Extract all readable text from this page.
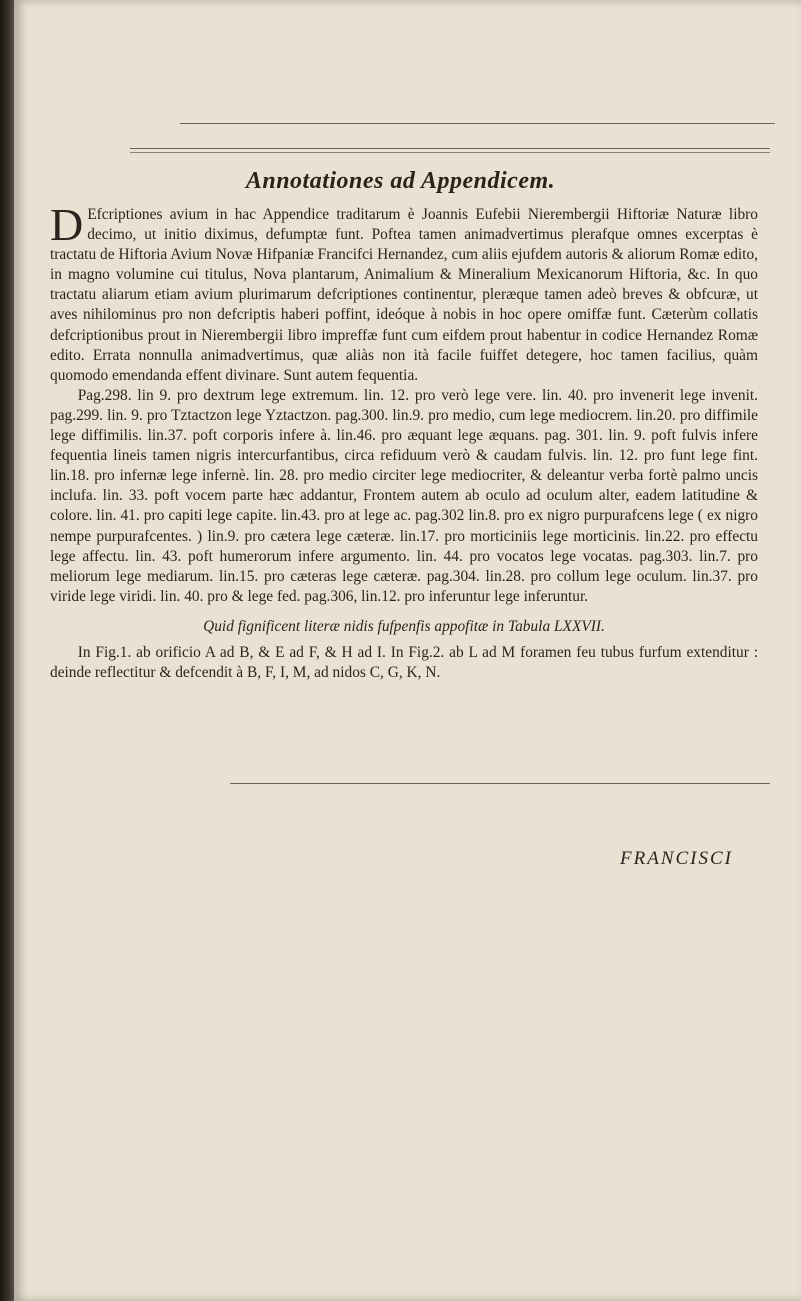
Annotationes ad Appendicem.

D Efcriptiones avium in hac Appendice traditarum è Joannis Eufebii Nierembergii Hiftoriæ Naturæ libro decimo, ut initio diximus, defumptæ funt. Poftea tamen animadvertimus plerafque omnes excerptas è tractatu de Hiftoria Avium Novæ Hifpaniæ Francifci Hernandez, cum aliis ejufdem autoris & aliorum Romæ edito, in magno volumine cui titulus, Nova plantarum, Animalium & Mineralium Mexicanorum Hiftoria, &c. In quo tractatu aliarum etiam avium plurimarum defcriptiones continentur, pleræque tamen adeò breves & obfcuræ, ut aves nihilominus pro non defcriptis haberi poffint, ideóque à nobis in hoc opere omiffæ funt. Cæterùm collatis defcriptionibus prout in Nierembergii libro impreffæ funt cum eifdem prout habentur in codice Hernandez Romæ edito. Errata nonnulla animadvertimus, quæ aliàs non ità facile fuiffet detegere, hoc tamen facilius, quàm quomodo emendanda effent divinare. Sunt autem fequentia.

Pag.298. lin 9. pro dextrum lege extremum. lin. 12. pro verò lege vere. lin. 40. pro invenerit lege invenit. pag.299. lin. 9. pro Tztactzon lege Yztactzon. pag.300. lin.9. pro medio, cum lege mediocrem. lin.20. pro diffimile lege diffimilis. lin.37. poft corporis infere à. lin.46. pro æquant lege æquans. pag. 301. lin. 9. poft fulvis infere fequentia lineis tamen nigris intercurfantibus, circa refiduum verò & caudam fulvis. lin. 12. pro funt lege fint. lin.18. pro infernæ lege infernè. lin. 28. pro medio circiter lege mediocriter, & deleantur verba fortè palmo uncis inclufa. lin. 33. poft vocem parte hæc addantur, Frontem autem ab oculo ad oculum alter, eadem latitudine & colore. lin. 41. pro capiti lege capite. lin.43. pro at lege ac. pag.302 lin.8. pro ex nigro purpurafcens lege ( ex nigro nempe purpurafcentes. ) lin.9. pro cætera lege cæteræ. lin.17. pro morticiniis lege morticinis. lin.22. pro effectu lege affectu. lin. 43. poft humerorum infere argumento. lin. 44. pro vocatos lege vocatas. pag.303. lin.7. pro meliorum lege mediarum. lin.15. pro cæteras lege cæteræ. pag.304. lin.28. pro collum lege oculum. lin.37. pro viride lege viridi. lin. 40. pro & lege fed. pag.306, lin.12. pro inferuntur lege inferuntur.

Quid fignificent literæ nidis fufpenfis appofitæ in Tabula LXXVII.

In Fig.1. ab orificio A ad B, & E ad F, & H ad I. In Fig.2. ab L ad M foramen feu tubus furfum extenditur : deinde reflectitur & defcendit à B, F, I, M, ad nidos C, G, K, N.

FRANCISCI
